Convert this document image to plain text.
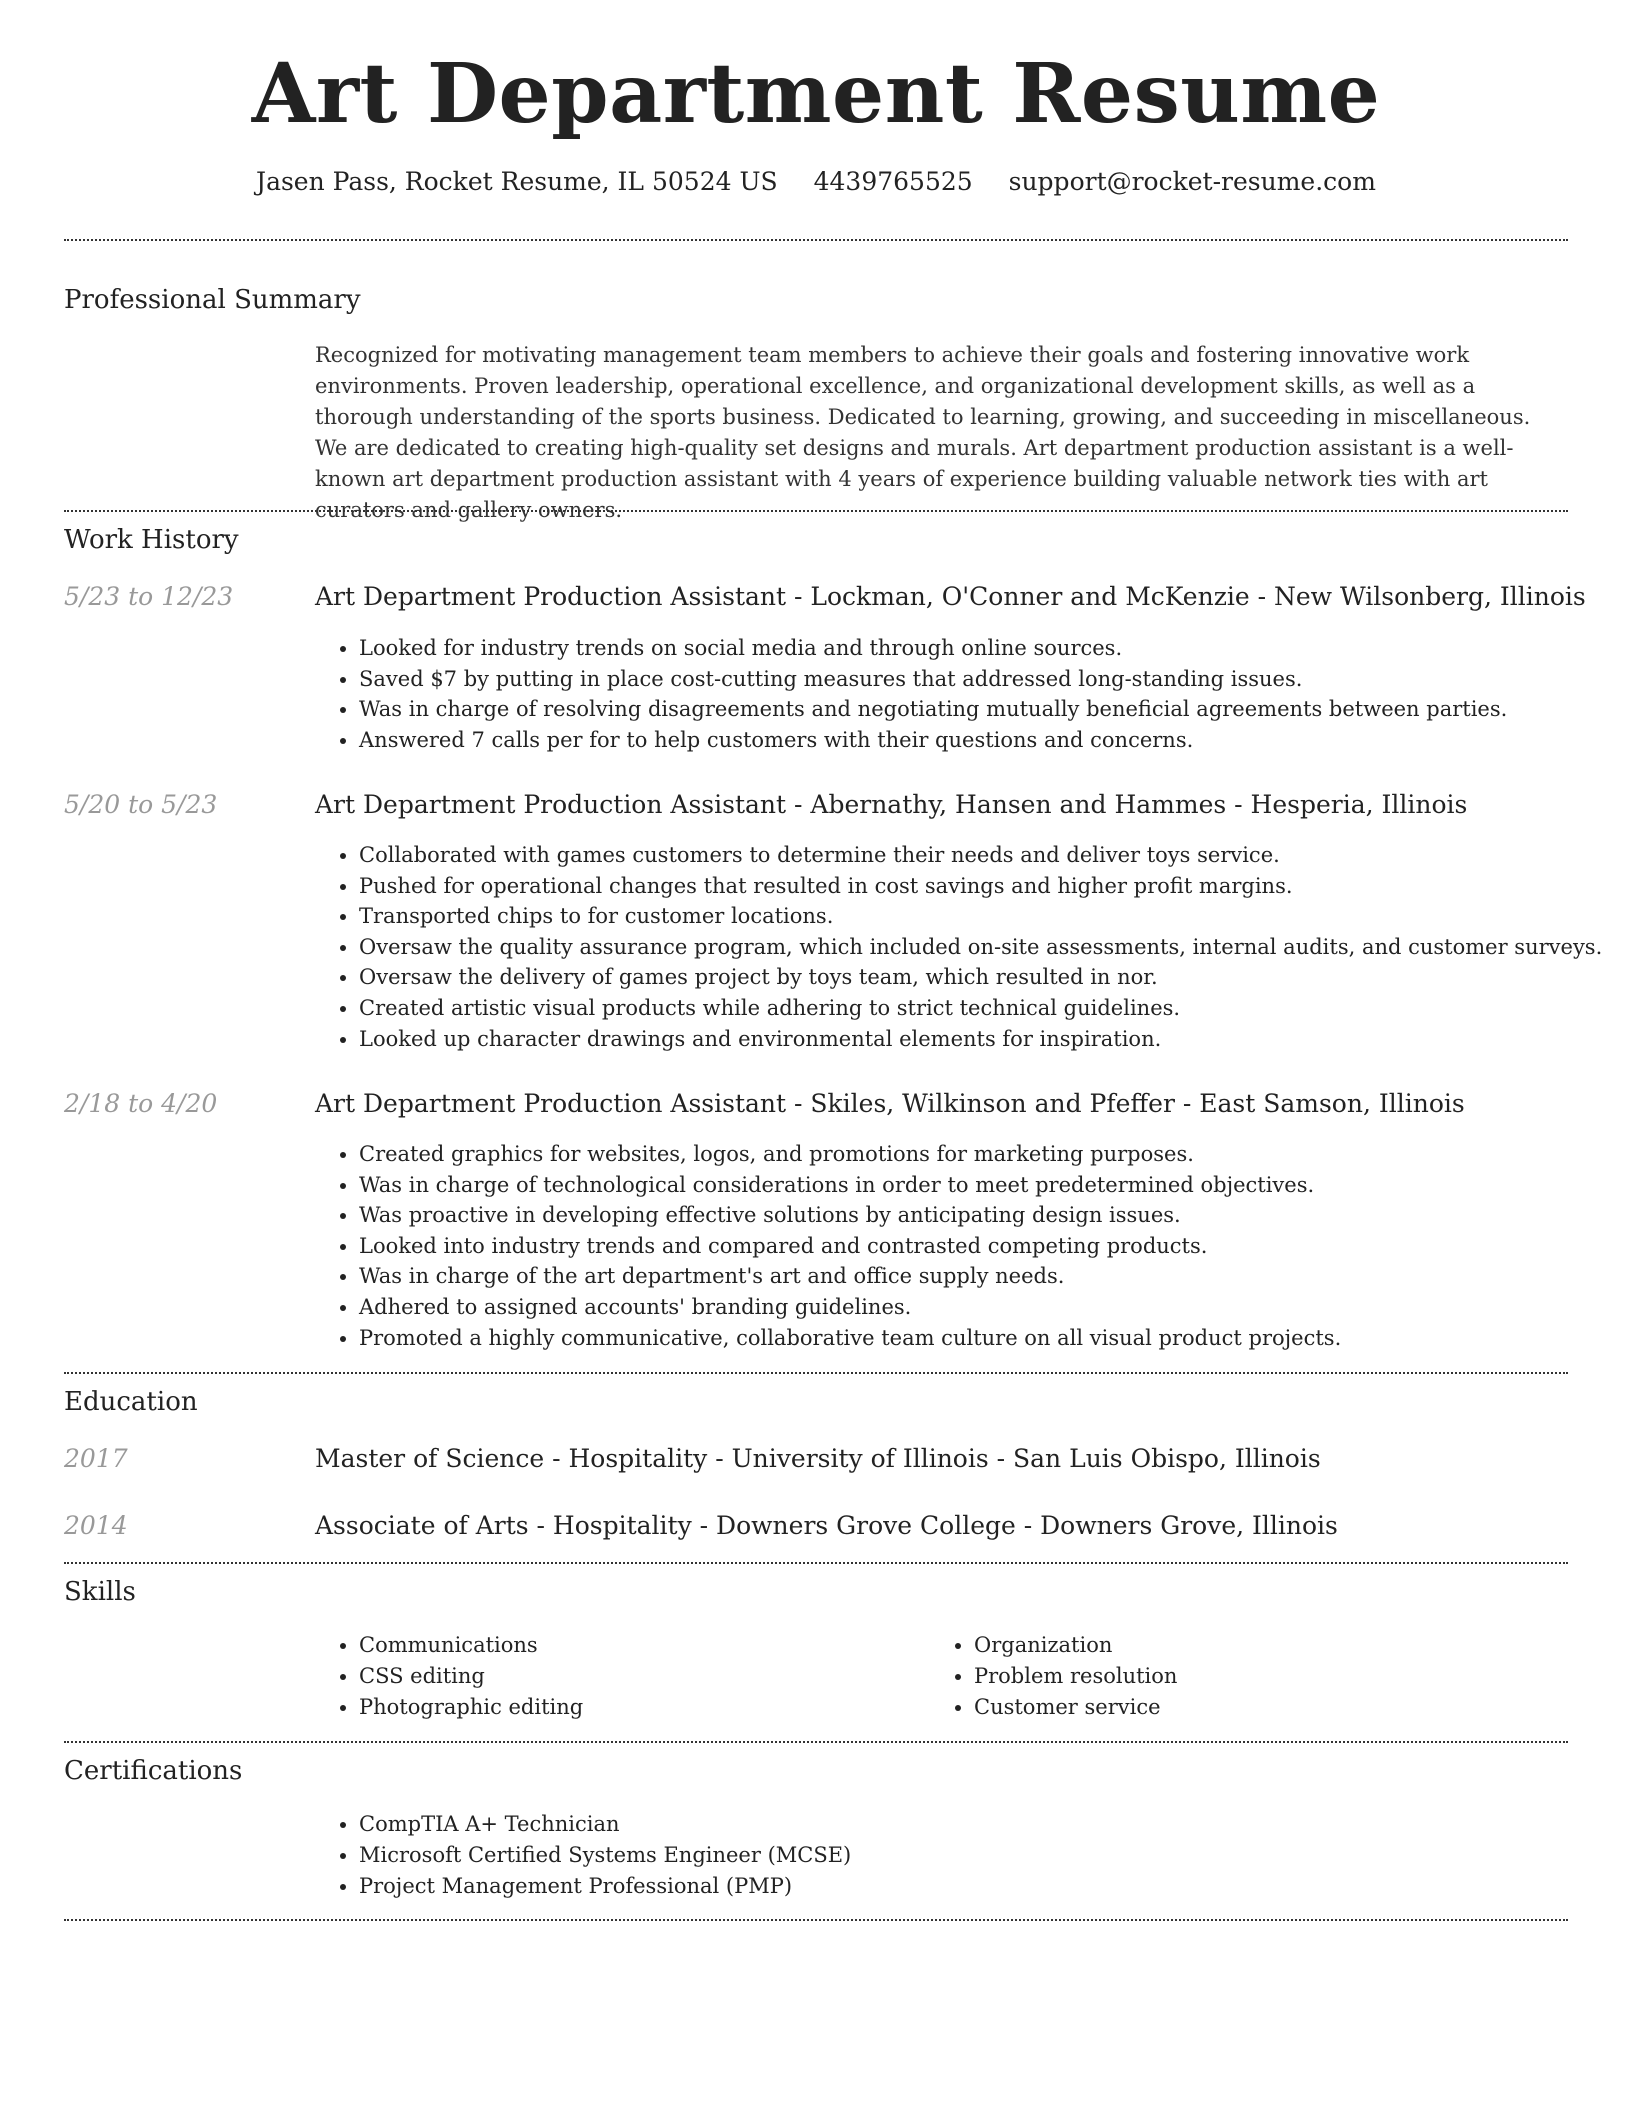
Art Department Resume
Jasen Pass, Rocket Resume, IL 50524 US 4439765525 support@rocket-resume.com
Professional Summary

Recognized for motivating management team members to achieve their goals and fostering innovative work environments. Proven leadership, operational excellence, and organizational development skills, as well as a thorough understanding of the sports business. Dedicated to learning, growing, and succeeding in miscellaneous. We are dedicated to creating high-quality set designs and murals. Art department production assistant is a well-known art department production assistant with 4 years of experience building valuable network ties with art curators and gallery owners.

Work History
5/23 to 12/23	Art Department Production Assistant - Lockman, O'Conner and McKenzie - New Wilsonberg, Illinois
• Looked for industry trends on social media and through online sources.
• Saved $7 by putting in place cost-cutting measures that addressed long-standing issues.
• Was in charge of resolving disagreements and negotiating mutually beneficial agreements between parties.
• Answered 7 calls per for to help customers with their questions and concerns.
5/20 to 5/23	Art Department Production Assistant - Abernathy, Hansen and Hammes - Hesperia, Illinois
• Collaborated with games customers to determine their needs and deliver toys service.
• Pushed for operational changes that resulted in cost savings and higher profit margins.
• Transported chips to for customer locations.
• Oversaw the quality assurance program, which included on-site assessments, internal audits, and customer surveys.
• Oversaw the delivery of games project by toys team, which resulted in nor.
• Created artistic visual products while adhering to strict technical guidelines.
• Looked up character drawings and environmental elements for inspiration.
2/18 to 4/20	Art Department Production Assistant - Skiles, Wilkinson and Pfeffer - East Samson, Illinois
• Created graphics for websites, logos, and promotions for marketing purposes.
• Was in charge of technological considerations in order to meet predetermined objectives.
• Was proactive in developing effective solutions by anticipating design issues.
• Looked into industry trends and compared and contrasted competing products.
• Was in charge of the art department's art and office supply needs.
• Adhered to assigned accounts' branding guidelines.
• Promoted a highly communicative, collaborative team culture on all visual product projects.
Education
2017	Master of Science - Hospitality - University of Illinois - San Luis Obispo, Illinois
2014	Associate of Arts - Hospitality - Downers Grove College - Downers Grove, Illinois
Skills
• Communications
• CSS editing
• Photographic editing
• Organization
• Problem resolution
• Customer service
Certifications
• CompTIA A+ Technician
• Microsoft Certified Systems Engineer (MCSE)
• Project Management Professional (PMP)
